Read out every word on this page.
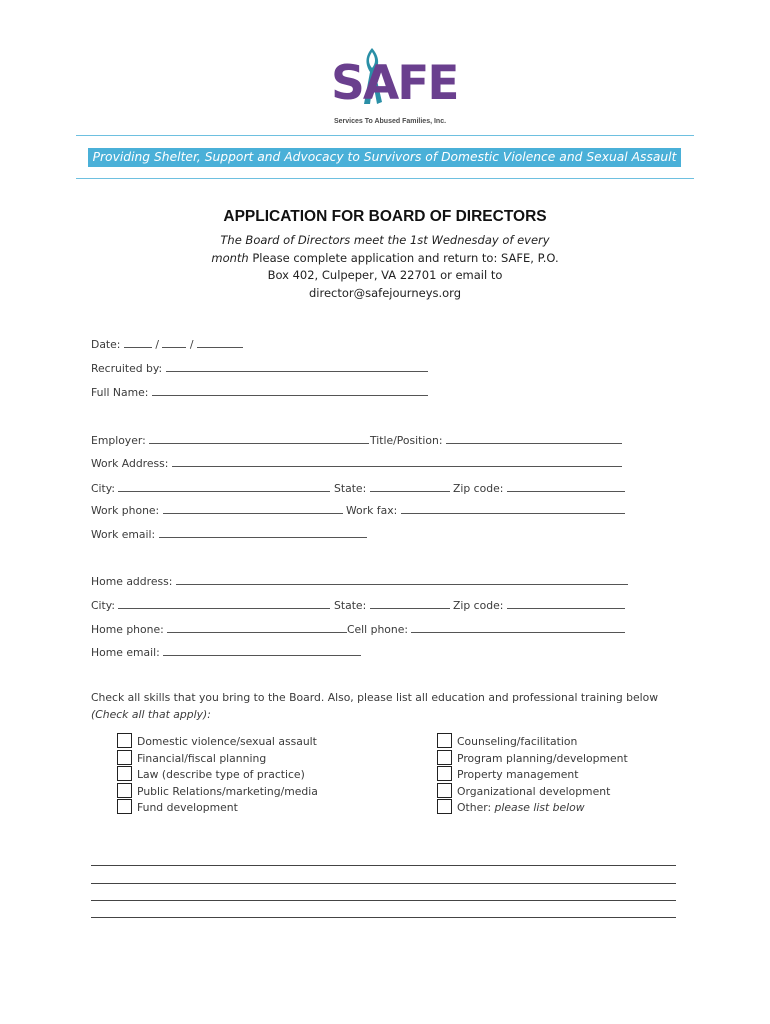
SAFE
Services To Abused Families, Inc.
Providing Shelter, Support and Advocacy to Survivors of Domestic Violence and Sexual Assault
APPLICATION FOR BOARD OF DIRECTORS
The Board of Directors meet the 1st Wednesday of every month Please complete application and return to: SAFE, P.O. Box 402, Culpeper, VA 22701 or email to director@safejourneys.org
Date:	/	/
Recruited by:
Full Name:
Employer:	Title/Position:
Work Address:
City:	State:	Zip code:
Work phone:	Work fax:
Work email:
Home address:
City:	State:	Zip code:
Home phone:	Cell phone:
Home email:
Check all skills that you bring to the Board. Also, please list all education and professional training below (Check all that apply):
Domestic violence/sexual assault
Financial/fiscal planning
Law (describe type of practice)
Public Relations/marketing/media
Fund development
Counseling/facilitation
Program planning/development
Property management
Organizational development
Other: please list below
